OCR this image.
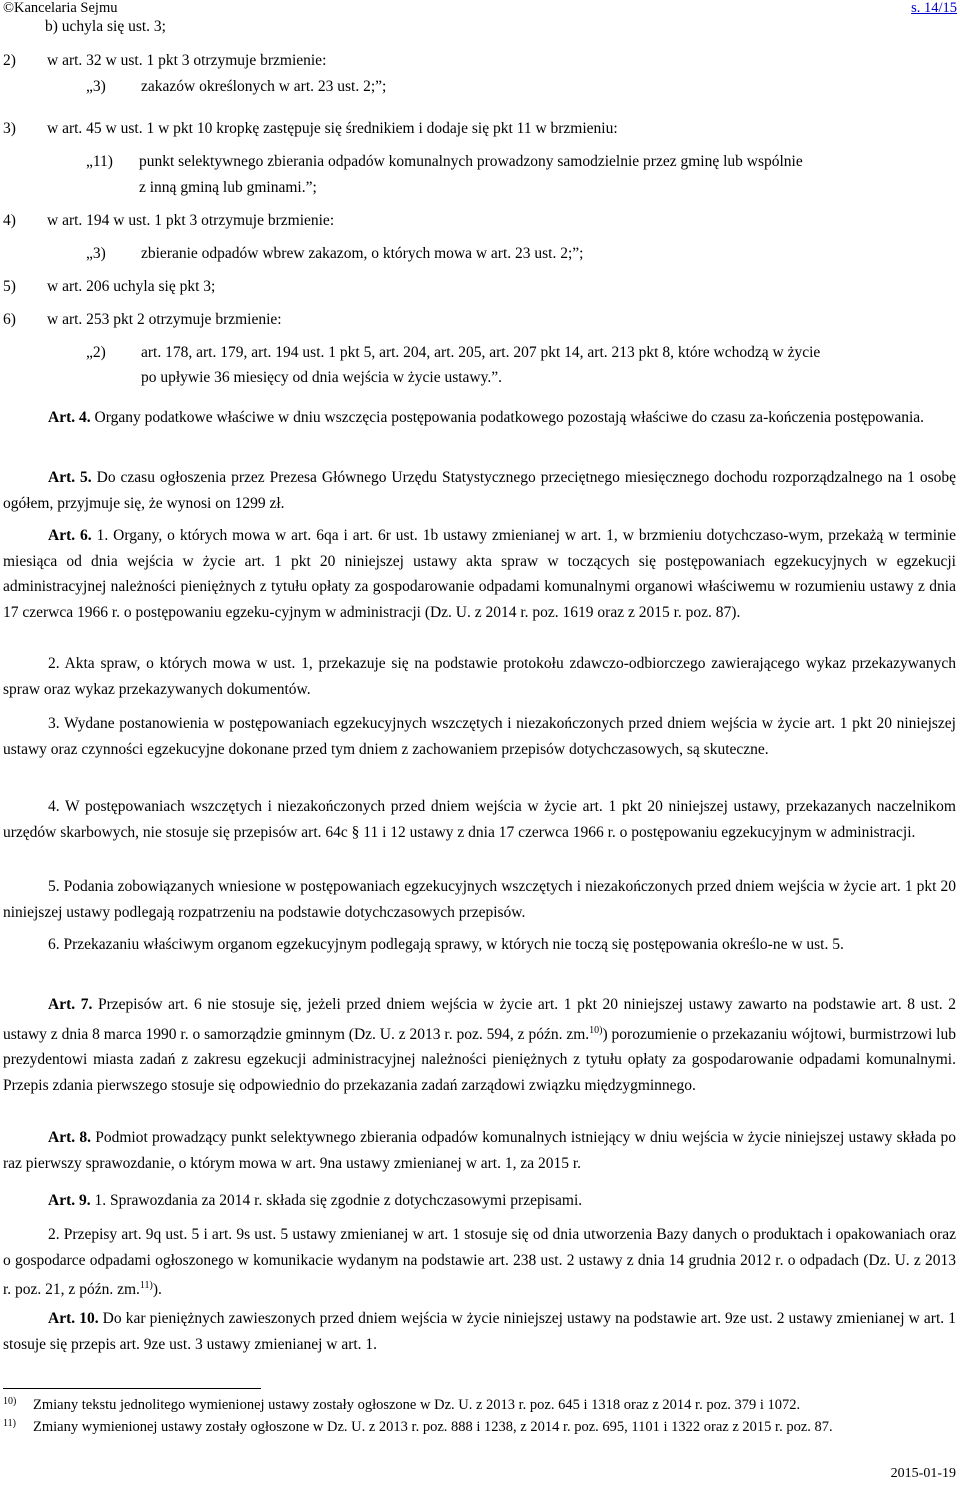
©Kancelaria Sejmu	s. 14/15
b) uchyla się ust. 3;
2) w art. 32 w ust. 1 pkt 3 otrzymuje brzmienie:
„3) zakazów określonych w art. 23 ust. 2;”;
3) w art. 45 w ust. 1 w pkt 10 kropkę zastępuje się średnikiem i dodaje się pkt 11 w brzmieniu:
„11) punkt selektywnego zbierania odpadów komunalnych prowadzony samodzielnie przez gminę lub wspólnie
z inną gminą lub gminami.”;
4) w art. 194 w ust. 1 pkt 3 otrzymuje brzmienie:
„3) zbieranie odpadów wbrew zakazom, o których mowa w art. 23 ust. 2;”;
5) w art. 206 uchyla się pkt 3;
6) w art. 253 pkt 2 otrzymuje brzmienie:
„2) art. 178, art. 179, art. 194 ust. 1 pkt 5, art. 204, art. 205, art. 207 pkt 14, art. 213 pkt 8, które wchodzą w życie
po upływie 36 miesięcy od dnia wejścia w życie ustawy.”.
Art. 4. Organy podatkowe właściwe w dniu wszczęcia postępowania podatkowego pozostają właściwe do czasu za-kończenia postępowania.
Art. 5. Do czasu ogłoszenia przez Prezesa Głównego Urzędu Statystycznego przeciętnego miesięcznego dochodu rozporządzalnego na 1 osobę ogółem, przyjmuje się, że wynosi on 1299 zł.
Art. 6. 1. Organy, o których mowa w art. 6qa i art. 6r ust. 1b ustawy zmienianej w art. 1, w brzmieniu dotychczaso-wym, przekażą w terminie miesiąca od dnia wejścia w życie art. 1 pkt 20 niniejszej ustawy akta spraw w toczących się postępowaniach egzekucyjnych w egzekucji administracyjnej należności pieniężnych z tytułu opłaty za gospodarowanie odpadami komunalnymi organowi właściwemu w rozumieniu ustawy z dnia 17 czerwca 1966 r. o postępowaniu egzeku-cyjnym w administracji (Dz. U. z 2014 r. poz. 1619 oraz z 2015 r. poz. 87).
2. Akta spraw, o których mowa w ust. 1, przekazuje się na podstawie protokołu zdawczo-odbiorczego zawierającego wykaz przekazywanych spraw oraz wykaz przekazywanych dokumentów.
3. Wydane postanowienia w postępowaniach egzekucyjnych wszczętych i niezakończonych przed dniem wejścia w życie art. 1 pkt 20 niniejszej ustawy oraz czynności egzekucyjne dokonane przed tym dniem z zachowaniem przepisów dotychczasowych, są skuteczne.
4. W postępowaniach wszczętych i niezakończonych przed dniem wejścia w życie art. 1 pkt 20 niniejszej ustawy, przekazanych naczelnikom urzędów skarbowych, nie stosuje się przepisów art. 64c § 11 i 12 ustawy z dnia 17 czerwca 1966 r. o postępowaniu egzekucyjnym w administracji.
5. Podania zobowiązanych wniesione w postępowaniach egzekucyjnych wszczętych i niezakończonych przed dniem wejścia w życie art. 1 pkt 20 niniejszej ustawy podlegają rozpatrzeniu na podstawie dotychczasowych przepisów.
6. Przekazaniu właściwym organom egzekucyjnym podlegają sprawy, w których nie toczą się postępowania określo-ne w ust. 5.
Art. 7. Przepisów art. 6 nie stosuje się, jeżeli przed dniem wejścia w życie art. 1 pkt 20 niniejszej ustawy zawarto na podstawie art. 8 ust. 2 ustawy z dnia 8 marca 1990 r. o samorządzie gminnym (Dz. U. z 2013 r. poz. 594, z późn. zm.$^{10)}$) porozumienie o przekazaniu wójtowi, burmistrzowi lub prezydentowi miasta zadań z zakresu egzekucji administracyjnej należności pieniężnych z tytułu opłaty za gospodarowanie odpadami komunalnymi. Przepis zdania pierwszego stosuje się odpowiednio do przekazania zadań zarządowi związku międzygminnego.
Art. 8. Podmiot prowadzący punkt selektywnego zbierania odpadów komunalnych istniejący w dniu wejścia w życie niniejszej ustawy składa po raz pierwszy sprawozdanie, o którym mowa w art. 9na ustawy zmienianej w art. 1, za 2015 r.
Art. 9. 1. Sprawozdania za 2014 r. składa się zgodnie z dotychczasowymi przepisami.
2. Przepisy art. 9q ust. 5 i art. 9s ust. 5 ustawy zmienianej w art. 1 stosuje się od dnia utworzenia Bazy danych o produktach i opakowaniach oraz o gospodarce odpadami ogłoszonego w komunikacie wydanym na podstawie art. 238 ust. 2 ustawy z dnia 14 grudnia 2012 r. o odpadach (Dz. U. z 2013 r. poz. 21, z późn. zm.$^{11)}$).
Art. 10. Do kar pieniężnych zawieszonych przed dniem wejścia w życie niniejszej ustawy na podstawie art. 9ze ust. 2 ustawy zmienianej w art. 1 stosuje się przepis art. 9ze ust. 3 ustawy zmienianej w art. 1.
10) Zmiany tekstu jednolitego wymienionej ustawy zostały ogłoszone w Dz. U. z 2013 r. poz. 645 i 1318 oraz z 2014 r. poz. 379 i 1072.
11) Zmiany wymienionej ustawy zostały ogłoszone w Dz. U. z 2013 r. poz. 888 i 1238, z 2014 r. poz. 695, 1101 i 1322 oraz z 2015 r. poz. 87.
2015-01-19
